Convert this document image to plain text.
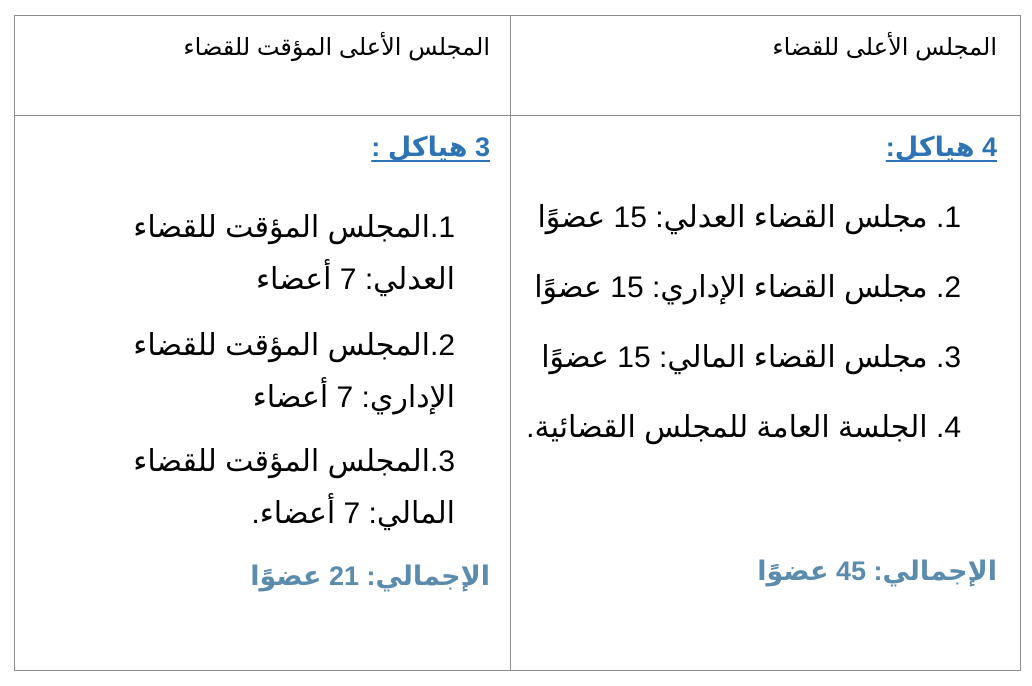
المجلس الأعلى للقضاء
المجلس الأعلى المؤقت للقضاء
4 هياكل:
1. مجلس القضاء العدلي: 15 عضوًا
2. مجلس القضاء الإداري: 15 عضوًا
3. مجلس القضاء المالي: 15 عضوًا
4. الجلسة العامة للمجلس القضائية.
الإجمالي: 45 عضوًا
3 هياكل :
1.المجلس المؤقت للقضاء العدلي: 7 أعضاء
2.المجلس المؤقت للقضاء الإداري: 7 أعضاء
3.المجلس المؤقت للقضاء المالي: 7 أعضاء.
الإجمالي: 21 عضوًا
